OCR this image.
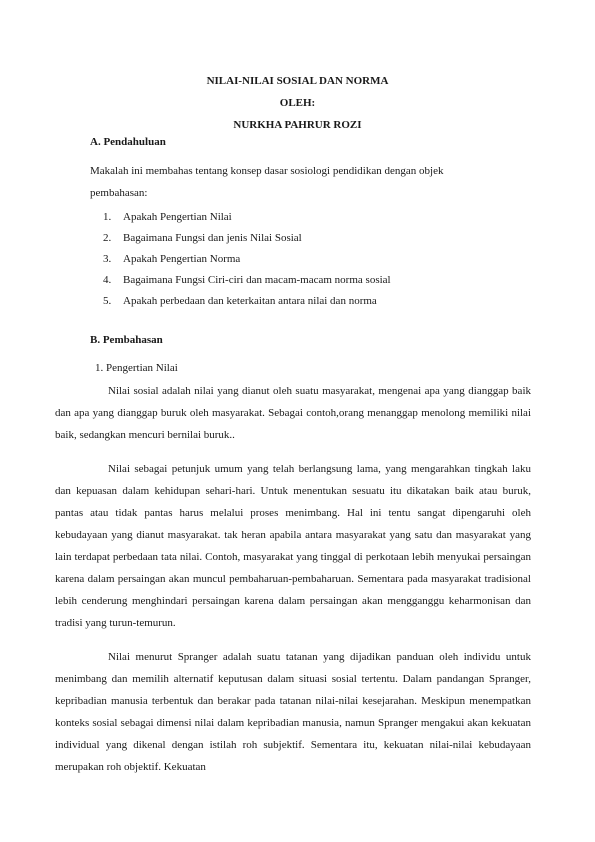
NILAI-NILAI SOSIAL DAN NORMA
OLEH:
NURKHA PAHRUR ROZI
A. Pendahuluan
Makalah ini membahas tentang konsep dasar sosiologi pendidikan dengan objek
pembahasan:
1.	Apakah Pengertian Nilai
2.	Bagaimana Fungsi dan jenis Nilai Sosial
3.	Apakah Pengertian Norma
4.	Bagaimana Fungsi Ciri-ciri dan macam-macam norma sosial
5.	Apakah perbedaan dan keterkaitan antara nilai dan norma
B. Pembahasan
1. Pengertian Nilai

Nilai sosial adalah nilai yang dianut oleh suatu masyarakat, mengenai apa yang dianggap baik dan apa yang dianggap buruk oleh masyarakat. Sebagai contoh,orang menanggap menolong memiliki nilai baik, sedangkan mencuri bernilai buruk..

Nilai sebagai petunjuk umum yang telah berlangsung lama, yang mengarahkan tingkah laku dan kepuasan dalam kehidupan sehari-hari. Untuk menentukan sesuatu itu dikatakan baik atau buruk, pantas atau tidak pantas harus melalui proses menimbang. Hal ini tentu sangat dipengaruhi oleh kebudayaan yang dianut masyarakat. tak heran apabila antara masyarakat yang satu dan masyarakat yang lain terdapat perbedaan tata nilai. Contoh, masyarakat yang tinggal di perkotaan lebih menyukai persaingan karena dalam persaingan akan muncul pembaharuan-pembaharuan. Sementara pada masyarakat tradisional lebih cenderung menghindari persaingan karena dalam persaingan akan mengganggu keharmonisan dan tradisi yang turun-temurun.

Nilai menurut Spranger adalah suatu tatanan yang dijadikan panduan oleh individu untuk menimbang dan memilih alternatif keputusan dalam situasi sosial tertentu. Dalam pandangan Spranger, kepribadian manusia terbentuk dan berakar pada tatanan nilai-nilai kesejarahan. Meskipun menempatkan konteks sosial sebagai dimensi nilai dalam kepribadian manusia, namun Spranger mengakui akan kekuatan individual yang dikenal dengan istilah roh subjektif. Sementara itu, kekuatan nilai-nilai kebudayaan merupakan roh objektif. Kekuatan
